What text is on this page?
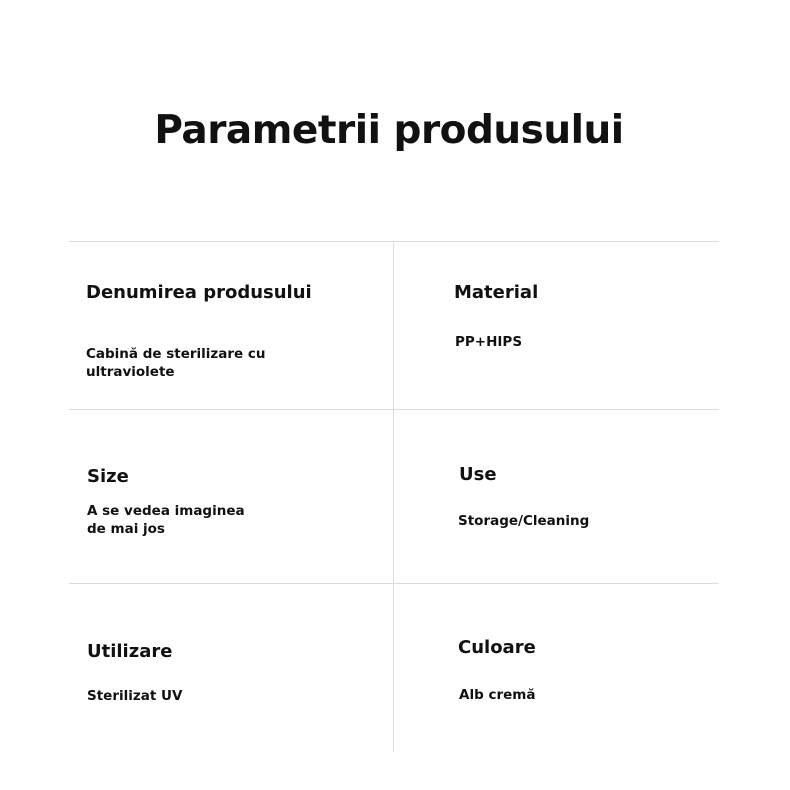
Parametrii produsului
Denumirea produsului
Cabină de sterilizare cu ultraviolete
Material
PP+HIPS
Size
A se vedea imaginea de mai jos
Use
Storage/Cleaning
Utilizare
Sterilizat UV
Culoare
Alb cremă
